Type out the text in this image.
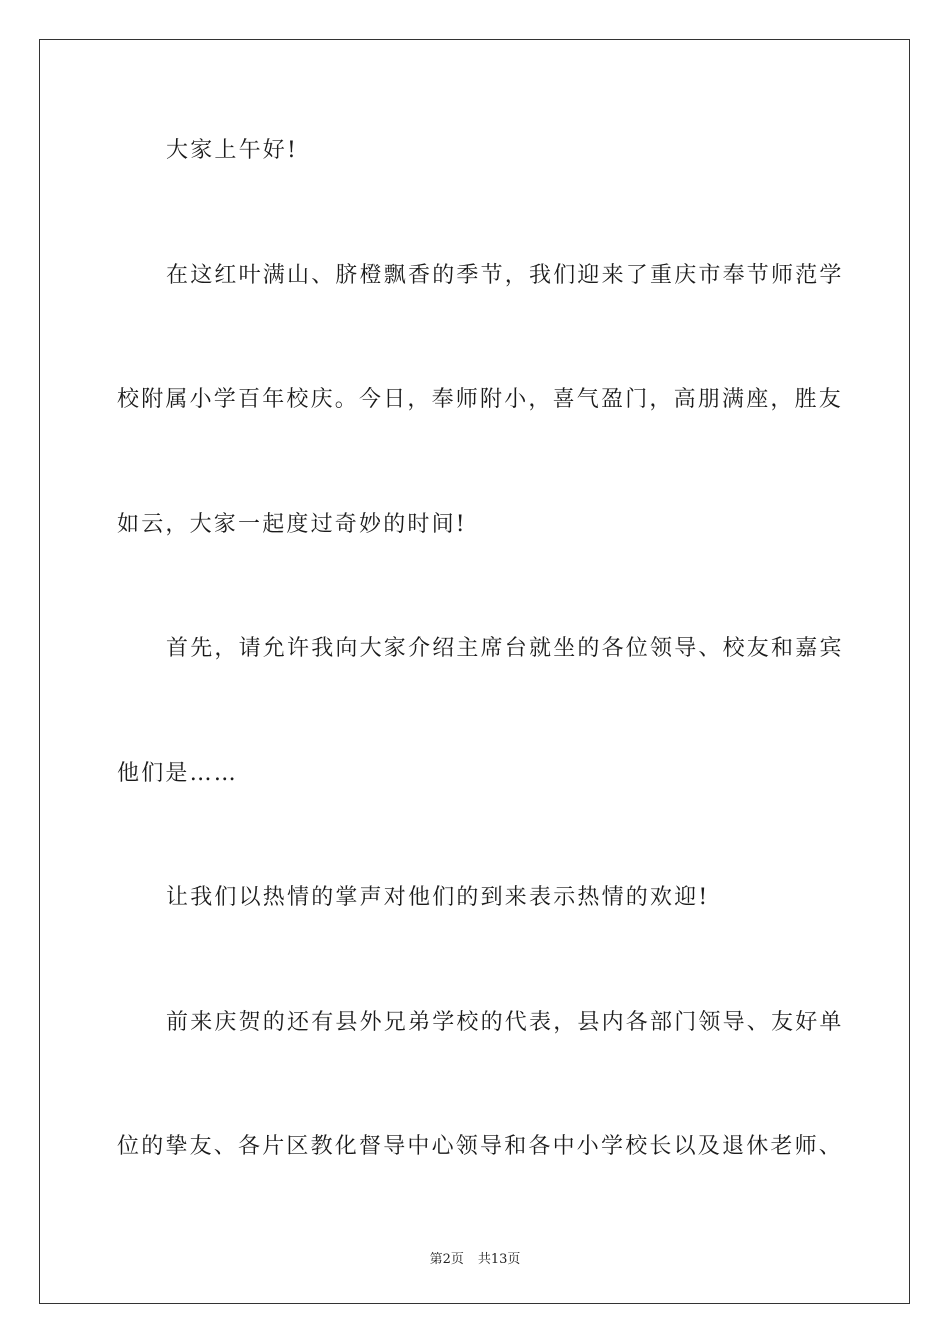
大家上午好!
在这红叶满山、脐橙飘香的季节，我们迎来了重庆市奉节师范学
校附属小学百年校庆。今日，奉师附小，喜气盈门，高朋满座，胜友
如云，大家一起度过奇妙的时间!
首先，请允许我向大家介绍主席台就坐的各位领导、校友和嘉宾
他们是……
让我们以热情的掌声对他们的到来表示热情的欢迎!
前来庆贺的还有县外兄弟学校的代表，县内各部门领导、友好单
位的挚友、各片区教化督导中心领导和各中小学校长以及退休老师、
第2页 共13页
